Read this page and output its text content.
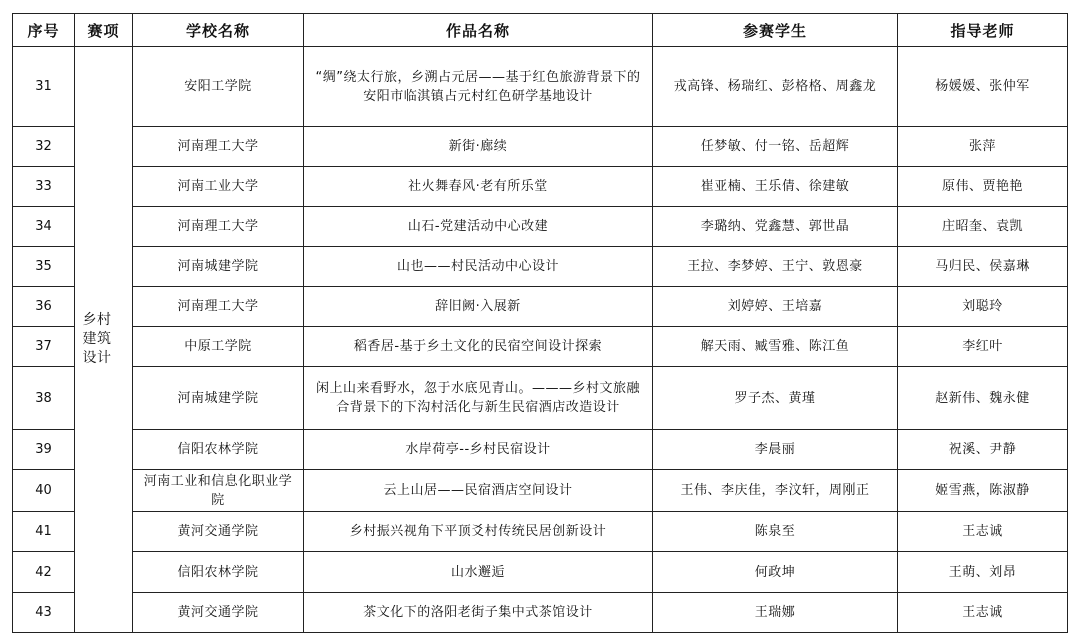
序号	赛项	学校名称	作品名称	参赛学生	指导老师
31	乡村建筑设计	安阳工学院	“绸”绕太行旅，乡溯占元居——基于红色旅游背景下的安阳市临淇镇占元村红色研学基地设计	戎高锋、杨瑞红、彭格格、周鑫龙	杨媛媛、张仲军
32		河南理工大学	新街·廊续	任梦敏、付一铭、岳超辉	张萍
33		河南工业大学	社火舞春风·老有所乐堂	崔亚楠、王乐倩、徐建敏	原伟、贾艳艳
34		河南理工大学	山石-党建活动中心改建	李璐纳、党鑫慧、郭世晶	庄昭奎、袁凯
35		河南城建学院	山也——村民活动中心设计	王拉、李梦婷、王宁、敦恩豪	马归民、侯嘉琳
36		河南理工大学	辞旧阙·入展新	刘婷婷、王培嘉	刘聪玲
37		中原工学院	稻香居-基于乡土文化的民宿空间设计探索	解天雨、臧雪雅、陈江鱼	李红叶
38		河南城建学院	闲上山来看野水，忽于水底见青山。———乡村文旅融合背景下的下沟村活化与新生民宿酒店改造设计	罗子杰、黄瑾	赵新伟、魏永健
39		信阳农林学院	水岸荷亭--乡村民宿设计	李晨丽	祝溪、尹静
40		河南工业和信息化职业学院	云上山居——民宿酒店空间设计	王伟、李庆佳，李汶轩，周刚正	姬雪燕，陈淑静
41		黄河交通学院	乡村振兴视角下平顶爻村传统民居创新设计	陈泉至	王志诚
42		信阳农林学院	山水邂逅	何政坤	王萌、刘昂
43		黄河交通学院	茶文化下的洛阳老街子集中式茶馆设计	王瑞娜	王志诚
